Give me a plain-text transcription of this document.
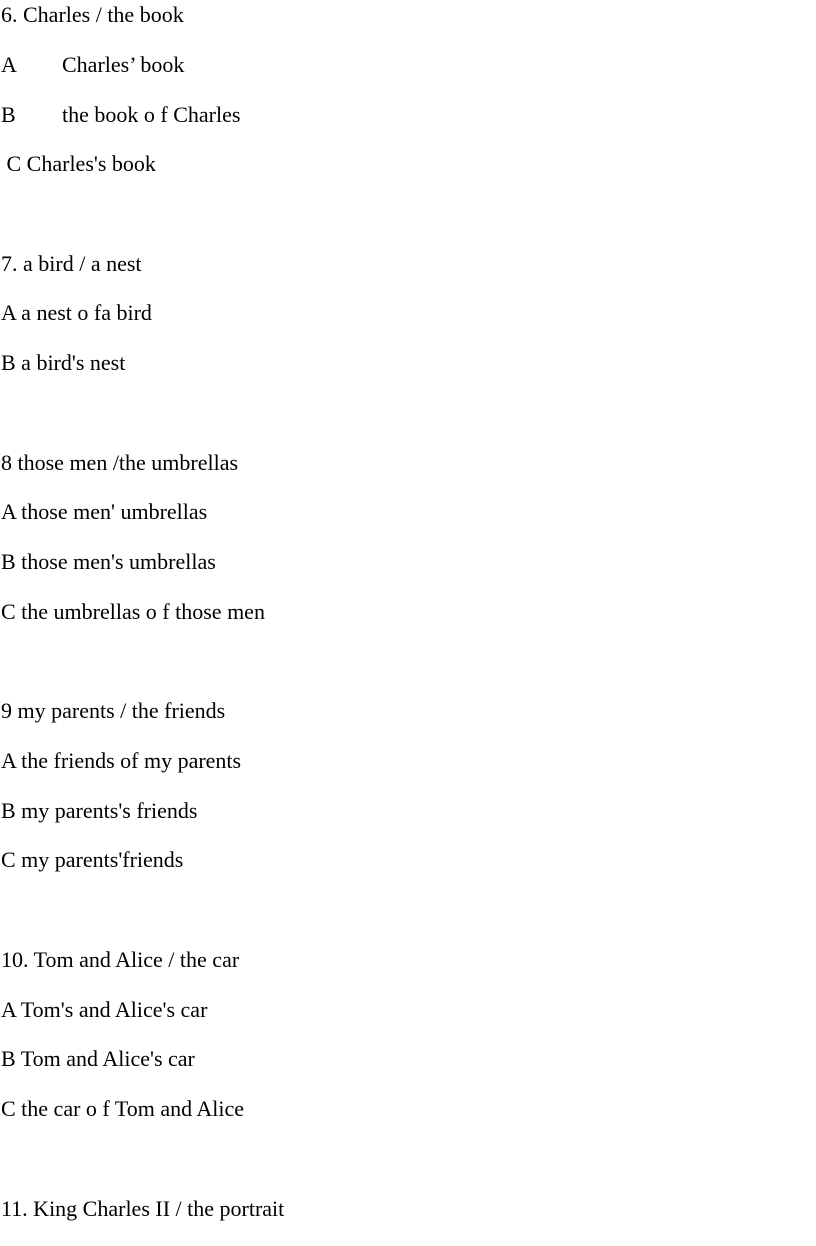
6. Charles / the book

A Charles’ book

B the book o f Charles

C Charles's book

7. a bird / a nest

A a nest o fa bird

B a bird's nest

8 those men /the umbrellas

A those men' umbrellas

B those men's umbrellas

C the umbrellas o f those men

9 my parents / the friends

A the friends of my parents

B my parents's friends

C my parents'friends

10. Tom and Alice / the car

A Tom's and Alice's car

B Tom and Alice's car

C the car o f Tom and Alice

11. King Charles II / the portrait
